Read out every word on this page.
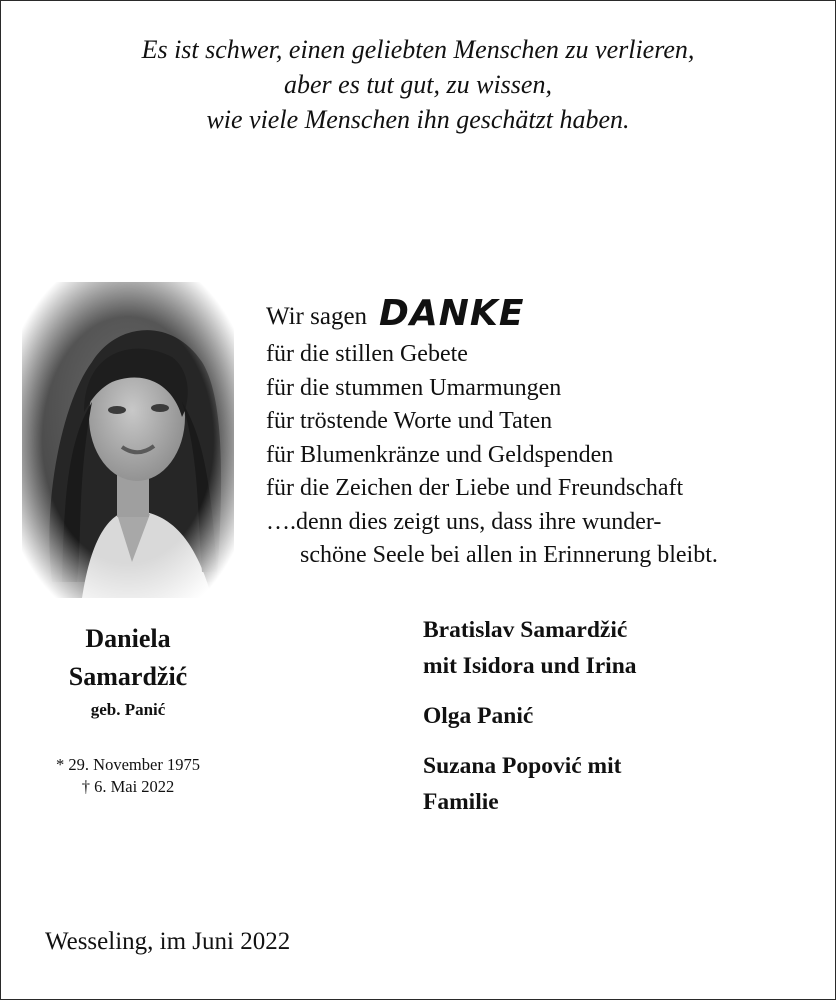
Es ist schwer, einen geliebten Menschen zu verlieren,
aber es tut gut, zu wissen,
wie viele Menschen ihn geschätzt haben.
Wir sagen DANKE
für die stillen Gebete
für die stummen Umarmungen
für tröstende Worte und Taten
für Blumenkränze und Geldspenden
für die Zeichen der Liebe und Freundschaft
….denn dies zeigt uns, dass ihre wunder-
schöne Seele bei allen in Erinnerung bleibt.
Daniela
Samardžić
geb. Panić
* 29. November 1975
† 6. Mai 2022
Bratislav Samardžić
mit Isidora und Irina
Olga Panić
Suzana Popović mit
Familie
Wesseling, im Juni 2022
